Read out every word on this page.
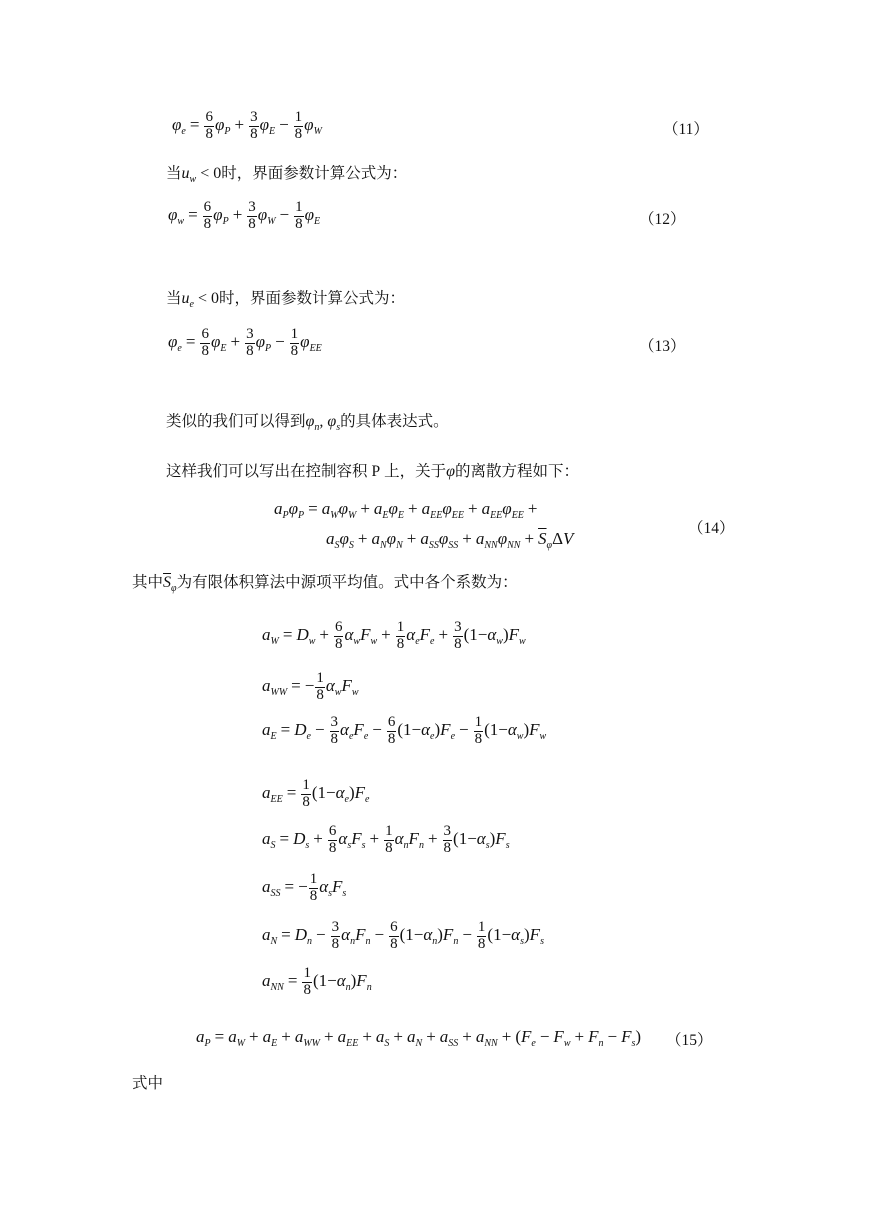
$\varphi_e = \frac{6}{8} \varphi_P + \frac{3}{8} \varphi_E - \frac{1}{8} \varphi_W$	（11）
当$u_w < 0$时，界面参数计算公式为：
$\varphi_w = \frac{6}{8} \varphi_P + \frac{3}{8} \varphi_W - \frac{1}{8} \varphi_E$	（12）
当$u_e < 0$时，界面参数计算公式为：
$\varphi_e = \frac{6}{8} \varphi_E + \frac{3}{8} \varphi_P - \frac{1}{8} \varphi_{EE}$	（13）
类似的我们可以得到$\varphi_n$, $\varphi_s$的具体表达式。
这样我们可以写出在控制容积 P 上，关于φ的离散方程如下：
$a_P\varphi_P = a_W\varphi_W + a_E\varphi_E + a_{EE}\varphi_{EE} + a_{EE}\varphi_{EE}$ +
$a_S\varphi_S + a_N\varphi_N + a_{SS}\varphi_{SS} + a_{NN}\varphi_{NN} + \overline{S}_\varphi\Delta V$
（14）
其中$\overline{S}_\varphi$为有限体积算法中源项平均值。式中各个系数为：
$a_W = D_w + \frac{6}{8} \alpha_wF_w + \frac{1}{8} \alpha_eF_e + \frac{3}{8} (1-\alpha_w)F_w$
$a_{WW}$ = − $\frac{1}{8} \alpha_wF_w$
$a_E = D_e - \frac{3}{8} \alpha_eF_e - \frac{6}{8} (1-\alpha_e)F_e - \frac{1}{8} (1-\alpha_w)F_w$
$a_{EE} = \frac{1}{8} (1-\alpha_e)F_e$
$a_S = D_s + \frac{6}{8} \alpha_sF_s + \frac{1}{8} \alpha_nF_n + \frac{3}{8} (1-\alpha_s)F_s$
$a_{SS}$ = − $\frac{1}{8} \alpha_sF_s$
$a_N = D_n - \frac{3}{8} \alpha_nF_n - \frac{6}{8} (1-\alpha_n)F_n - \frac{1}{8} (1-\alpha_s)F_s$
$a_{NN} = \frac{1}{8} (1-\alpha_n)F_n$
$a_P = a_W + a_E + a_{WW} + a_{EE} + a_S + a_N + a_{SS} + a_{NN} + (F_e - F_w + F_n - F_s)$ （15）
式中
